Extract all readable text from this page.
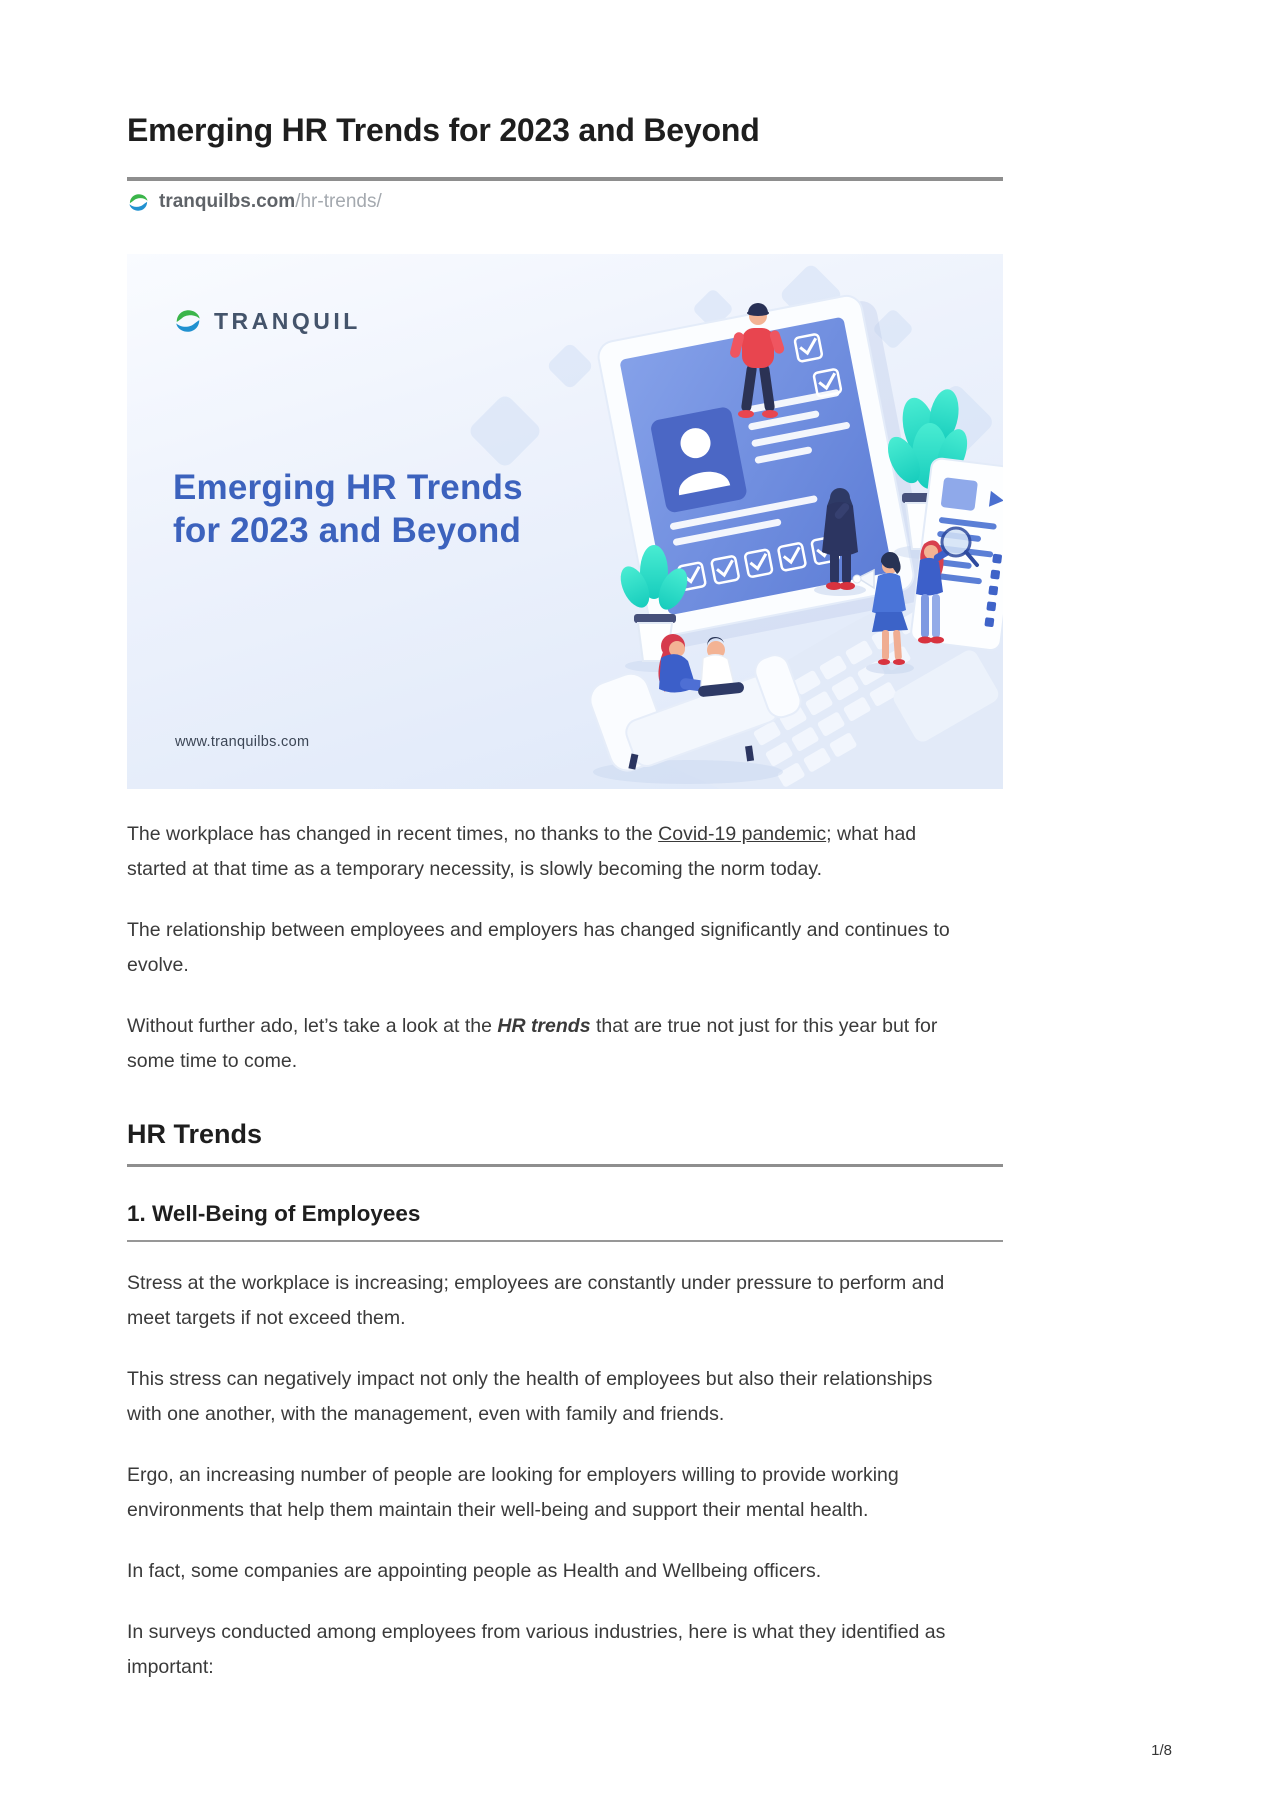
Emerging HR Trends for 2023 and Beyond
tranquilbs.com/hr-trends/
TRANQUIL
Emerging HR Trends
for 2023 and Beyond
www.tranquilbs.com

The workplace has changed in recent times, no thanks to the Covid-19 pandemic; what had started at that time as a temporary necessity, is slowly becoming the norm today.

The relationship between employees and employers has changed significantly and continues to evolve.

Without further ado, let’s take a look at the HR trends that are true not just for this year but for some time to come.

HR Trends
1. Well-Being of Employees

Stress at the workplace is increasing; employees are constantly under pressure to perform and meet targets if not exceed them.

This stress can negatively impact not only the health of employees but also their relationships with one another, with the management, even with family and friends.

Ergo, an increasing number of people are looking for employers willing to provide working environments that help them maintain their well-being and support their mental health.

In fact, some companies are appointing people as Health and Wellbeing officers.

In surveys conducted among employees from various industries, here is what they identified as important:

1/8
